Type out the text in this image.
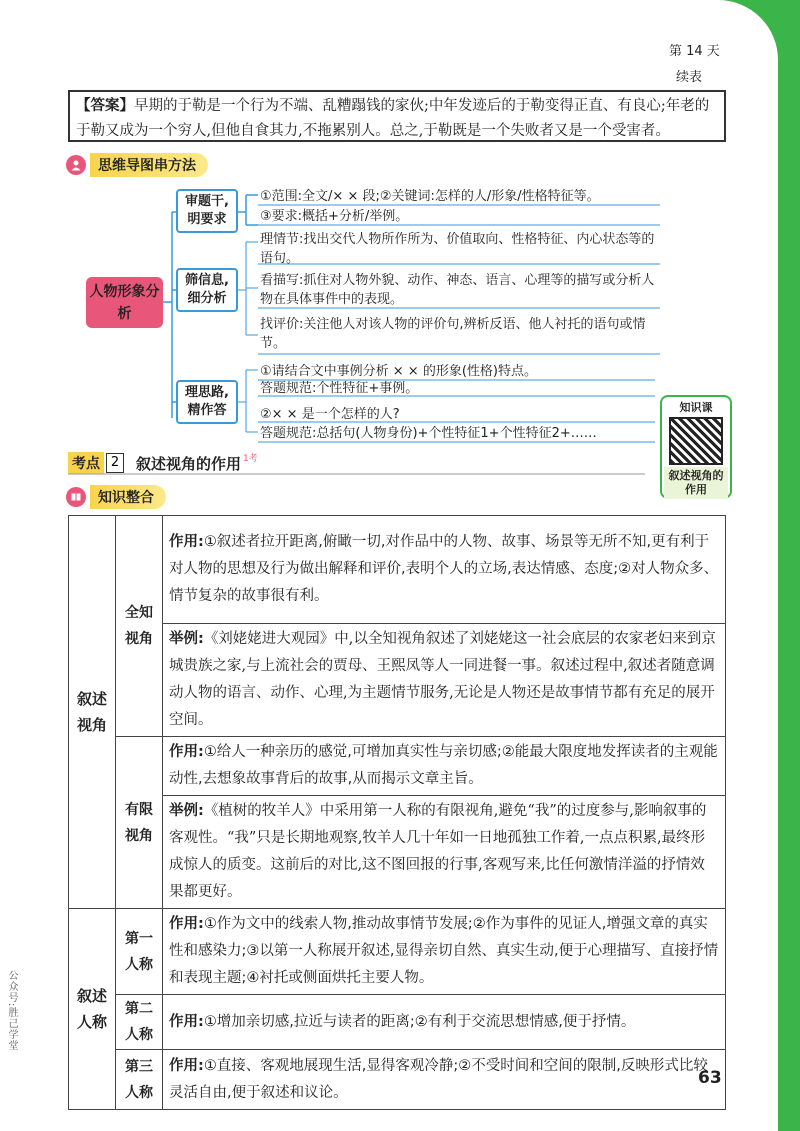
第 14 天
续表
【答案】早期的于勒是一个行为不端、乱糟蹋钱的家伙;中年发迹后的于勒变得正直、有良心;年老的于勒又成为一个穷人,但他自食其力,不拖累别人。总之,于勒既是一个失败者又是一个受害者。
思维导图串方法
人物形象分析
审题干,明要求
筛信息,细分析
理思路,精作答
①范围:全文/× × 段;②关键词:怎样的人/形象/性格特征等。
③要求:概括+分析/举例。
理情节:找出交代人物所作所为、价值取向、性格特征、内心状态等的语句。
看描写:抓住对人物外貌、动作、神态、语言、心理等的描写或分析人物在具体事件中的表现。
找评价:关注他人对该人物的评价句,辨析反语、他人衬托的语句或情节。
①请结合文中事例分析 × × 的形象(性格)特点。
答题规范:个性特征+事例。
②× × 是一个怎样的人?
答题规范:总括句(人物身份)+个性特征1+个性特征2+……
知识课
叙述视角的作用
考点 2	叙述视角的作用 1考
知识整合
叙述视角	全知视角	作用:①叙述者拉开距离,俯瞰一切,对作品中的人物、故事、场景等无所不知,更有利于对人物的思想及行为做出解释和评价,表明个人的立场,表达情感、态度;②对人物众多、情节复杂的故事很有利。
		举例:《刘姥姥进大观园》中,以全知视角叙述了刘姥姥这一社会底层的农家老妇来到京城贵族之家,与上流社会的贾母、王熙凤等人一同进餐一事。叙述过程中,叙述者随意调动人物的语言、动作、心理,为主题情节服务,无论是人物还是故事情节都有充足的展开空间。

	有限视角	作用:①给人一种亲历的感觉,可增加真实性与亲切感;②能最大限度地发挥读者的主观能动性,去想象故事背后的故事,从而揭示文章主旨。
		举例:《植树的牧羊人》中采用第一人称的有限视角,避免“我”的过度参与,影响叙事的客观性。“我”只是长期地观察,牧羊人几十年如一日地孤独工作着,一点点积累,最终形成惊人的质变。这前后的对比,这不图回报的行事,客观写来,比任何激情洋溢的抒情效果都更好。

叙述人称	第一人称	作用:①作为文中的线索人物,推动故事情节发展;②作为事件的见证人,增强文章的真实性和感染力;③以第一人称展开叙述,显得亲切自然、真实生动,便于心理描写、直接抒情和表现主题;④衬托或侧面烘托主要人物。

	第二人称	作用:①增加亲切感,拉近与读者的距离;②有利于交流思想情感,便于抒情。

	第三人称	作用:①直接、客观地展现生活,显得客观冷静;②不受时间和空间的限制,反映形式比较灵活自由,便于叙述和议论。
公众号:胜己学堂
63
